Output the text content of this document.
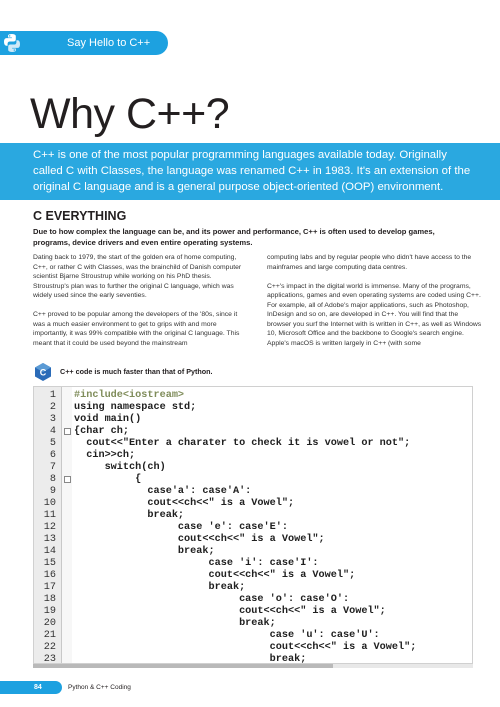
Say Hello to C++
Why C++?

C++ is one of the most popular programming languages available today. Originally called C with Classes, the language was renamed C++ in 1983. It's an extension of the original C language and is a general purpose object-oriented (OOP) environment.

C EVERYTHING

Due to how complex the language can be, and its power and performance, C++ is often used to develop games, programs, device drivers and even entire operating systems.

Dating back to 1979, the start of the golden era of home computing, C++, or rather C with Classes, was the brainchild of Danish computer scientist Bjarne Stroustrup while working on his PhD thesis. Stroustrup's plan was to further the original C language, which was widely used since the early seventies.

C++ proved to be popular among the developers of the '80s, since it was a much easier environment to get to grips with and more importantly, it was 99% compatible with the original C language. This meant that it could be used beyond the mainstream

computing labs and by regular people who didn't have access to the mainframes and large computing data centres.

C++'s impact in the digital world is immense. Many of the programs, applications, games and even operating systems are coded using C++. For example, all of Adobe's major applications, such as Photoshop, InDesign and so on, are developed in C++. You will find that the browser you surf the Internet with is written in C++, as well as Windows 10, Microsoft Office and the backbone to Google's search engine. Apple's macOS is written largely in C++ (with some

C C++ code is much faster than that of Python.
1 #include<iostream>
2 using namespace std;
3 void main()
4 {char ch;
5 cout<<"Enter a charater to check it is vowel or not";
6 cin>>ch;
7 switch(ch)
8 {
9 case'a': case'A':
10 cout<<ch<<" is a Vowel";
11 break;
12 case 'e': case'E':
13 cout<<ch<<" is a Vowel";
14 break;
15 case 'i': case'I':
16 cout<<ch<<" is a Vowel";
17 break;
18 case 'o': case'O':
19 cout<<ch<<" is a Vowel";
20 break;
21 case 'u': case'U':
22 cout<<ch<<" is a Vowel";
23 break;
84	Python & C++ Coding
